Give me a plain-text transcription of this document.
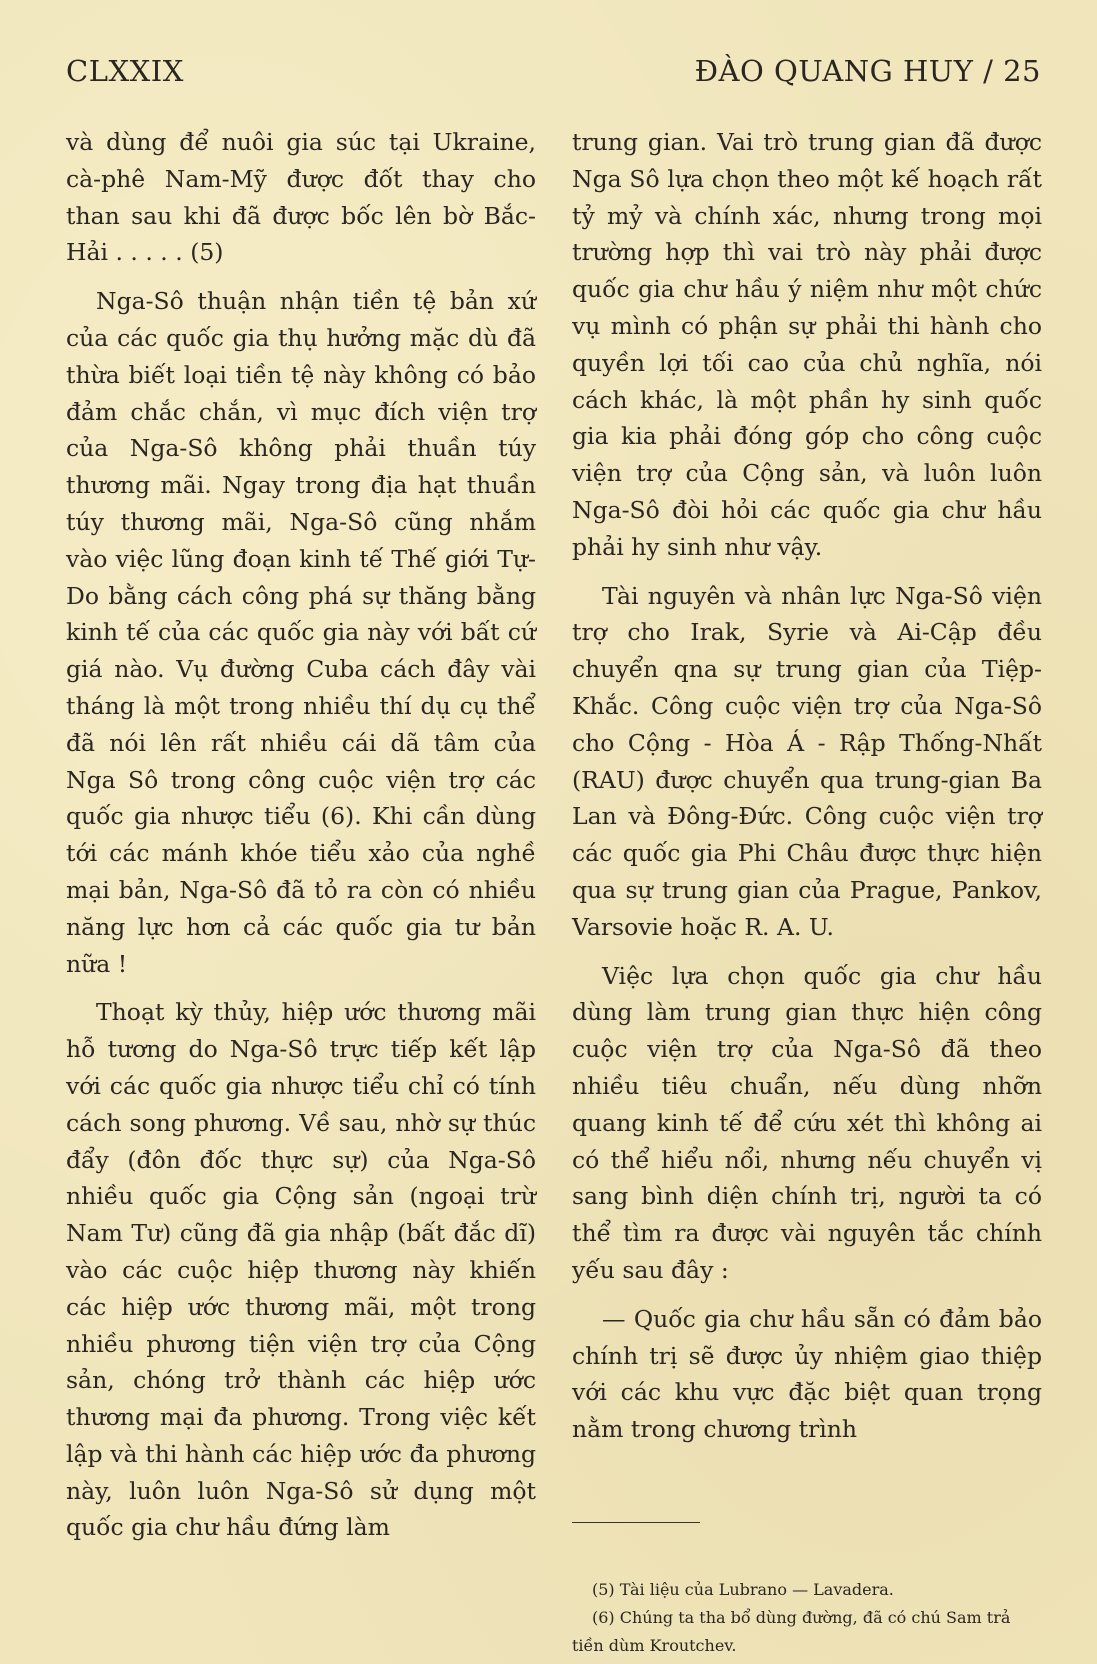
CLXXIX	ĐÀO QUANG HUY / 25

và dùng để nuôi gia súc tại Ukraine, cà-phê Nam-Mỹ được đốt thay cho than sau khi đã được bốc lên bờ Bắc-Hải . . . . . (5)

Nga-Sô thuận nhận tiền tệ bản xứ của các quốc gia thụ hưởng mặc dù đã thừa biết loại tiền tệ này không có bảo đảm chắc chắn, vì mục đích viện trợ của Nga-Sô không phải thuần túy thương mãi. Ngay trong địa hạt thuần túy thương mãi, Nga-Sô cũng nhắm vào việc lũng đoạn kinh tế Thế giới Tự-Do bằng cách công phá sự thăng bằng kinh tế của các quốc gia này với bất cứ giá nào. Vụ đường Cuba cách đây vài tháng là một trong nhiều thí dụ cụ thể đã nói lên rất nhiều cái dã tâm của Nga Sô trong công cuộc viện trợ các quốc gia nhược tiểu (6). Khi cần dùng tới các mánh khóe tiểu xảo của nghề mại bản, Nga-Sô đã tỏ ra còn có nhiều năng lực hơn cả các quốc gia tư bản nữa !

Thoạt kỳ thủy, hiệp ước thương mãi hỗ tương do Nga-Sô trực tiếp kết lập với các quốc gia nhược tiểu chỉ có tính cách song phương. Về sau, nhờ sự thúc đẩy (đôn đốc thực sự) của Nga-Sô nhiều quốc gia Cộng sản (ngoại trừ Nam Tư) cũng đã gia nhập (bất đắc dĩ) vào các cuộc hiệp thương này khiến các hiệp ước thương mãi, một trong nhiều phương tiện viện trợ của Cộng sản, chóng trở thành các hiệp ước thương mại đa phương. Trong việc kết lập và thi hành các hiệp ước đa phương này, luôn luôn Nga-Sô sử dụng một quốc gia chư hầu đứng làm

trung gian. Vai trò trung gian đã được Nga Sô lựa chọn theo một kế hoạch rất tỷ mỷ và chính xác, nhưng trong mọi trường hợp thì vai trò này phải được quốc gia chư hầu ý niệm như một chức vụ mình có phận sự phải thi hành cho quyền lợi tối cao của chủ nghĩa, nói cách khác, là một phần hy sinh quốc gia kia phải đóng góp cho công cuộc viện trợ của Cộng sản, và luôn luôn Nga-Sô đòi hỏi các quốc gia chư hầu phải hy sinh như vậy.

Tài nguyên và nhân lực Nga-Sô viện trợ cho Irak, Syrie và Ai-Cập đều chuyển qna sự trung gian của Tiệp-Khắc. Công cuộc viện trợ của Nga-Sô cho Cộng - Hòa Á - Rập Thống-Nhất (RAU) được chuyển qua trung-gian Ba Lan và Đông-Đức. Công cuộc viện trợ các quốc gia Phi Châu được thực hiện qua sự trung gian của Prague, Pankov, Varsovie hoặc R. A. U.

Việc lựa chọn quốc gia chư hầu dùng làm trung gian thực hiện công cuộc viện trợ của Nga-Sô đã theo nhiều tiêu chuẩn, nếu dùng nhỡn quang kinh tế để cứu xét thì không ai có thể hiểu nổi, nhưng nếu chuyển vị sang bình diện chính trị, người ta có thể tìm ra được vài nguyên tắc chính yếu sau đây :

— Quốc gia chư hầu sẵn có đảm bảo chính trị sẽ được ủy nhiệm giao thiệp với các khu vực đặc biệt quan trọng nằm trong chương trình

(5) Tài liệu của Lubrano — Lavadera.

(6) Chúng ta tha bổ dùng đường, đã có chú Sam trả tiền dùm Kroutchev.
